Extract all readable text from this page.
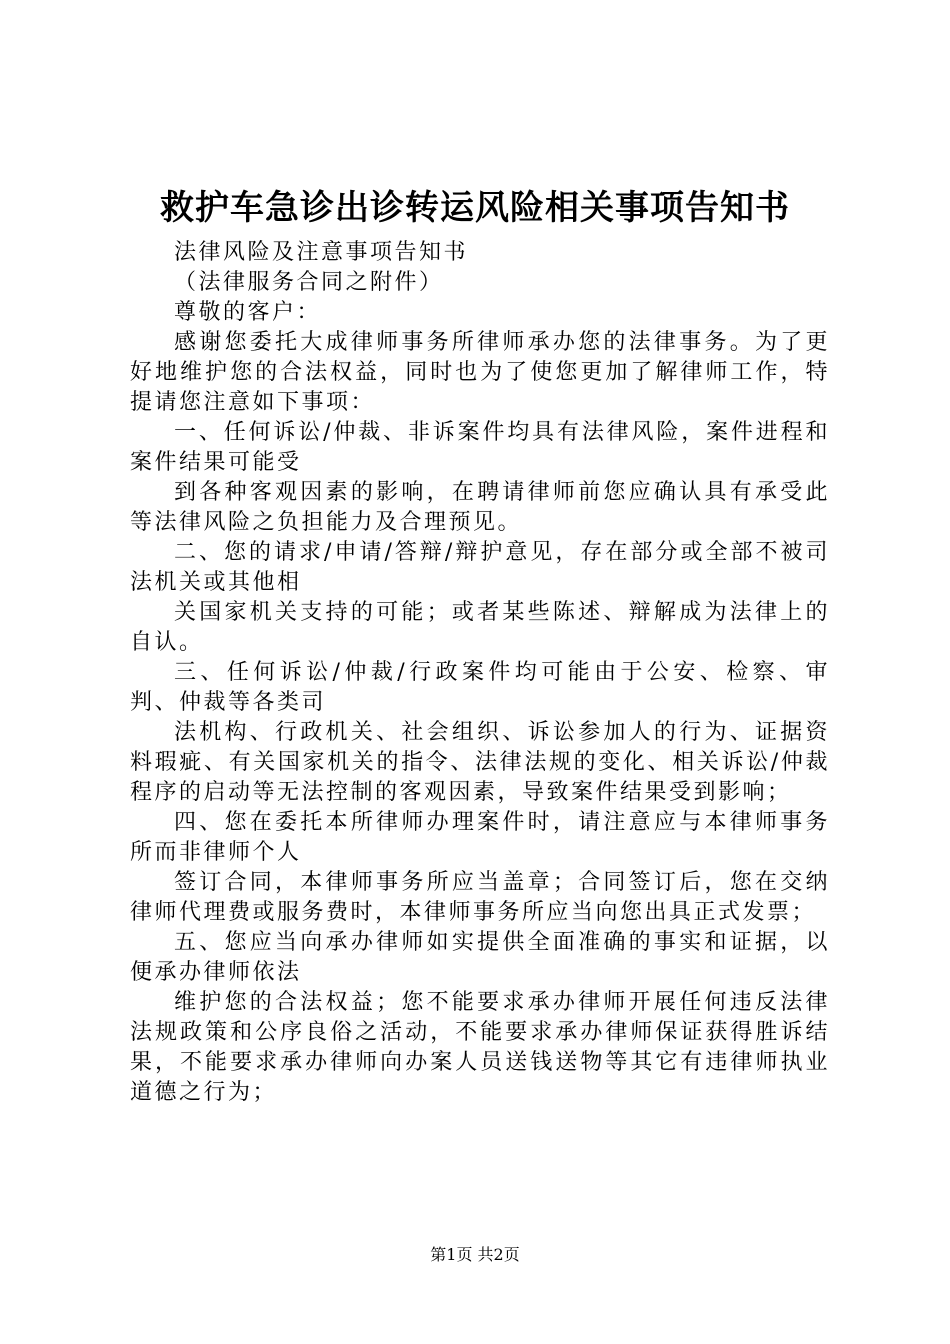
救护车急诊出诊转运风险相关事项告知书

法律风险及注意事项告知书

（法律服务合同之附件）

尊敬的客户：

感谢您委托大成律师事务所律师承办您的法律事务。为了更好地维护您的合法权益，同时也为了使您更加了解律师工作，特提请您注意如下事项：

一、任何诉讼/仲裁、非诉案件均具有法律风险，案件进程和案件结果可能受

到各种客观因素的影响，在聘请律师前您应确认具有承受此等法律风险之负担能力及合理预见。

二、您的请求/申请/答辩/辩护意见，存在部分或全部不被司法机关或其他相

关国家机关支持的可能；或者某些陈述、辩解成为法律上的自认。

三、任何诉讼/仲裁/行政案件均可能由于公安、检察、审判、仲裁等各类司

法机构、行政机关、社会组织、诉讼参加人的行为、证据资料瑕疵、有关国家机关的指令、法律法规的变化、相关诉讼/仲裁程序的启动等无法控制的客观因素，导致案件结果受到影响；

四、您在委托本所律师办理案件时，请注意应与本律师事务所而非律师个人

签订合同，本律师事务所应当盖章；合同签订后，您在交纳律师代理费或服务费时，本律师事务所应当向您出具正式发票；

五、您应当向承办律师如实提供全面准确的事实和证据，以便承办律师依法

维护您的合法权益；您不能要求承办律师开展任何违反法律法规政策和公序良俗之活动，不能要求承办律师保证获得胜诉结果，不能要求承办律师向办案人员送钱送物等其它有违律师执业道德之行为；

第1页 共2页
